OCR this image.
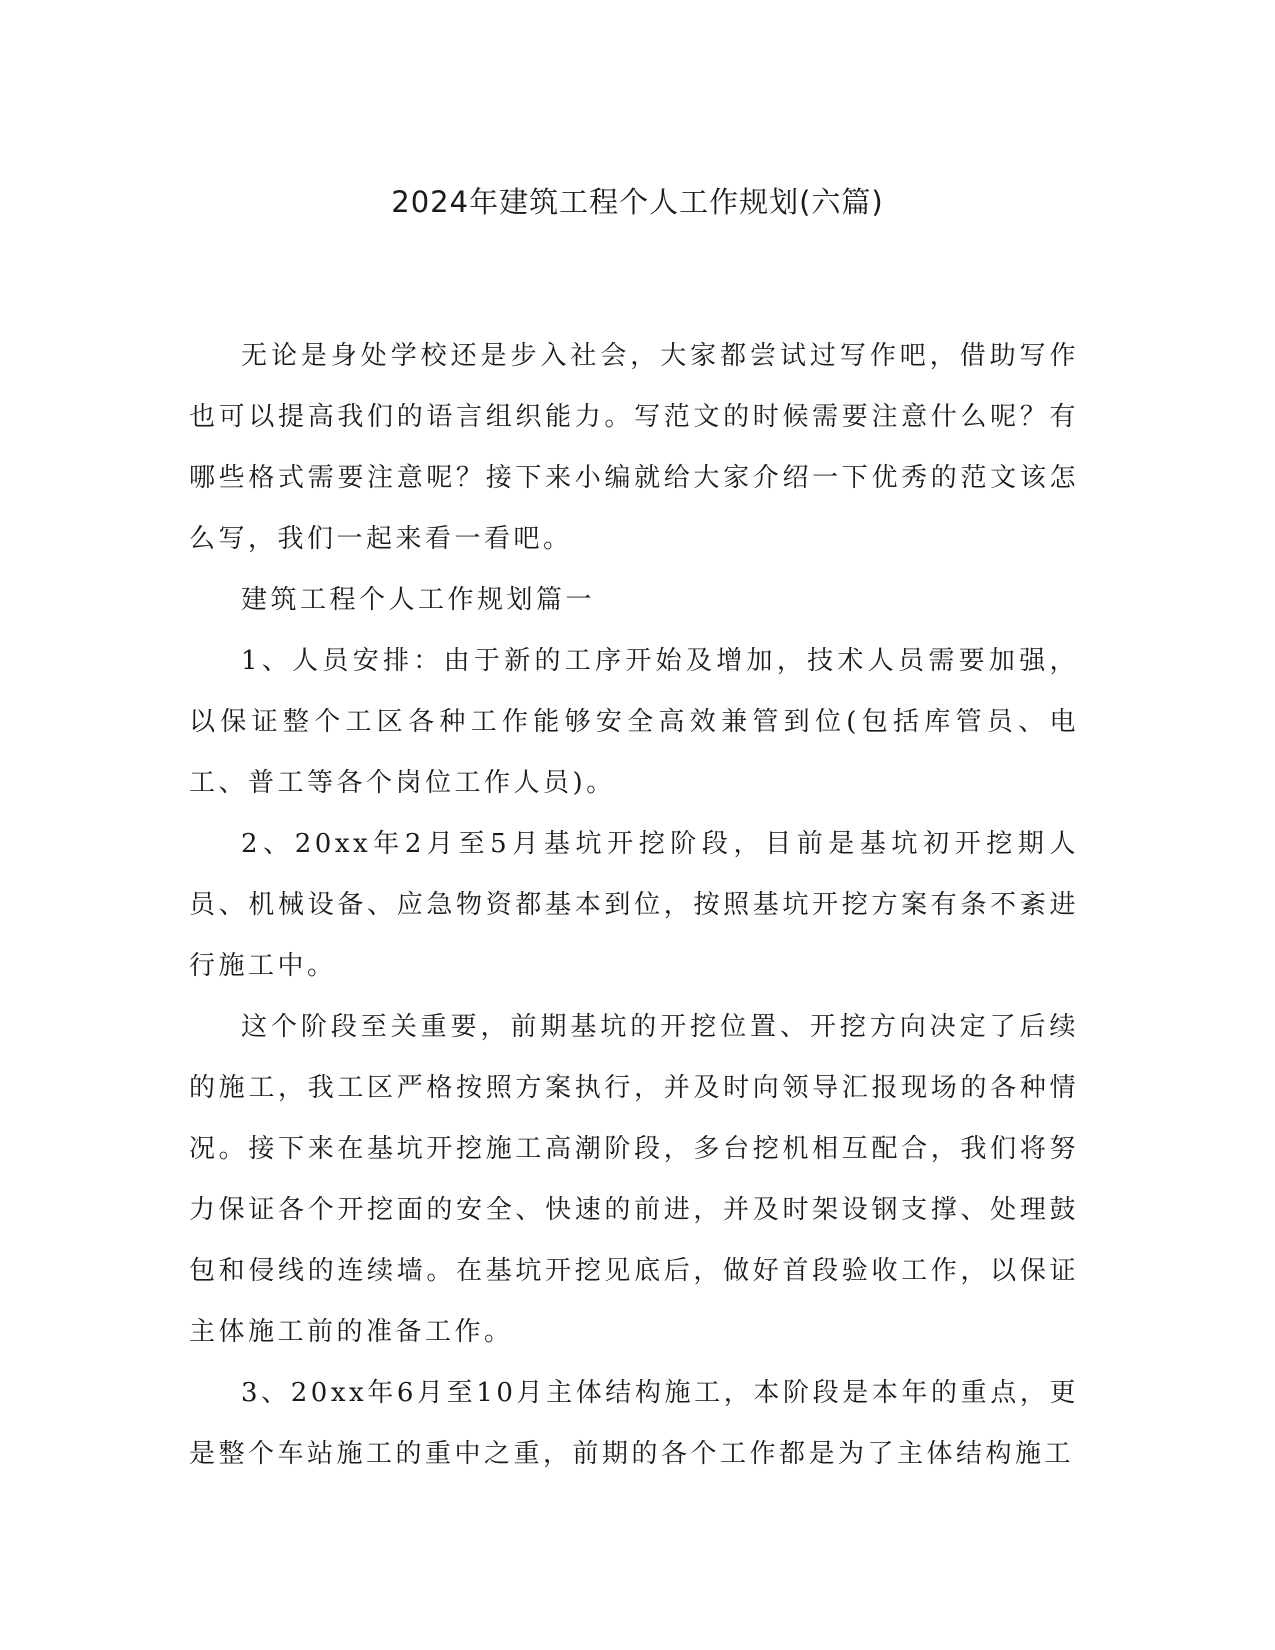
2024年建筑工程个人工作规划(六篇)

无论是身处学校还是步入社会，大家都尝试过写作吧，借助写作也可以提高我们的语言组织能力。写范文的时候需要注意什么呢？有哪些格式需要注意呢？接下来小编就给大家介绍一下优秀的范文该怎么写，我们一起来看一看吧。

建筑工程个人工作规划篇一

1、人员安排：由于新的工序开始及增加，技术人员需要加强，以保证整个工区各种工作能够安全高效兼管到位(包括库管员、电工、普工等各个岗位工作人员)。

2、20xx年2月至5月基坑开挖阶段，目前是基坑初开挖期人员、机械设备、应急物资都基本到位，按照基坑开挖方案有条不紊进行施工中。

这个阶段至关重要，前期基坑的开挖位置、开挖方向决定了后续的施工，我工区严格按照方案执行，并及时向领导汇报现场的各种情况。接下来在基坑开挖施工高潮阶段，多台挖机相互配合，我们将努力保证各个开挖面的安全、快速的前进，并及时架设钢支撑、处理鼓包和侵线的连续墙。在基坑开挖见底后，做好首段验收工作，以保证主体施工前的准备工作。

3、20xx年6月至10月主体结构施工，本阶段是本年的重点，更是整个车站施工的重中之重，前期的各个工作都是为了主体结构施工
